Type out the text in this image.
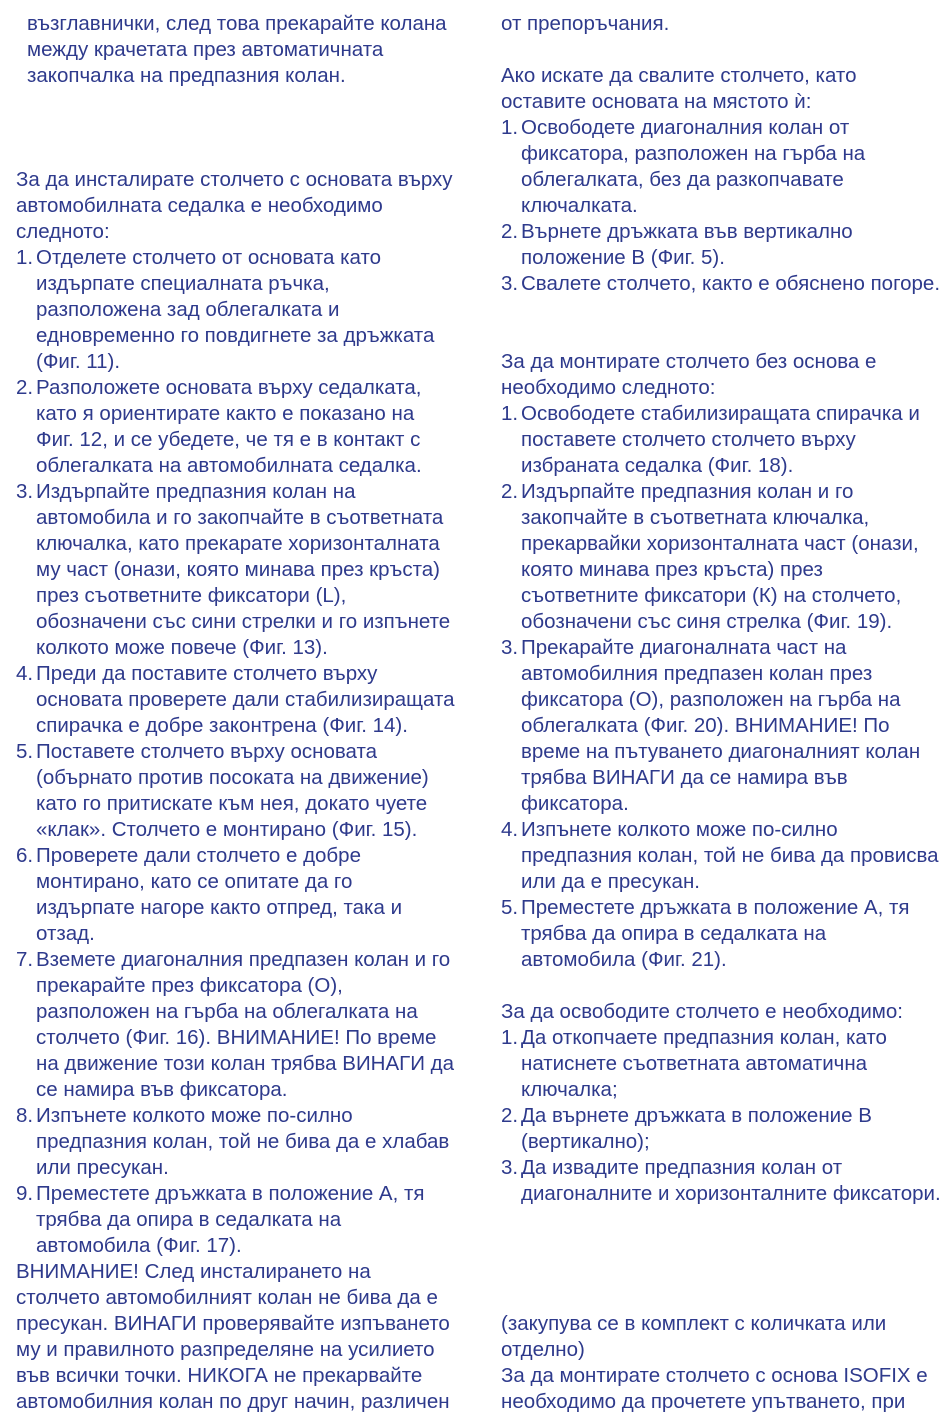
възглавнички, след това прекарайте колана между крачетата през автоматичната закопчалка на предпазния колан.

За да инсталирате столчето с основата върху автомобилната седалка е необходимо следното:

1. Отделете столчето от основата като издърпате специалната ръчка, разположена зад облегалката и едновременно го повдигнете за дръжката (Фиг. 11).
2. Разположете основата върху седалката, като я ориентирате както е показано на Фиг. 12, и се убедете, че тя е в контакт с облегалката на автомобилната седалка.
3. Издърпайте предпазния колан на автомобила и го закопчайте в съответната ключалка, като прекарате хоризонталната му част (онази, която минава през кръста) през съответните фиксатори (L), обозначени със сини стрелки и го изпънете колкото може повече (Фиг. 13).
4. Преди да поставите столчето върху основата проверете дали стабилизиращата спирачка е добре законтрена (Фиг. 14).
5. Поставете столчето върху основата (обърнато против посоката на движение) като го притискате към нея, докато чуете «клак». Столчето е монтирано (Фиг. 15).
6. Проверете дали столчето е добре монтирано, като се опитате да го издърпате нагоре както отпред, така и отзад.
7. Вземете диагоналния предпазен колан и го прекарайте през фиксатора (О), разположен на гърба на облегалката на столчето (Фиг. 16). ВНИМАНИЕ! По време на движение този колан трябва ВИНАГИ да се намира във фиксатора.
8. Изпънете колкото може по-силно предпазния колан, той не бива да е хлабав или пресукан.
9. Преместете дръжката в положение А, тя трябва да опира в седалката на автомобила (Фиг. 17).

ВНИМАНИЕ! След инсталирането на столчето автомобилният колан не бива да е пресукан. ВИНАГИ проверявайте изпъването му и правилното разпределяне на усилието във всички точки. НИКОГА не прекарвайте автомобилния колан по друг начин, различен

от препоръчания.

Ако искате да свалите столчето, като оставите основата на мястото ѝ:

1. Освободете диагоналния колан от фиксатора, разположен на гърба на облегалката, без да разкопчавате ключалката.
2. Върнете дръжката във вертикално положение В (Фиг. 5).
3. Свалете столчето, както е обяснено погоре.

За да монтирате столчето без основа е необходимо следното:

1. Освободете стабилизиращата спирачка и поставете столчето столчето върху избраната седалка (Фиг. 18).
2. Издърпайте предпазния колан и го закопчайте в съответната ключалка, прекарвайки хоризонталната част (онази, която минава през кръста) през съответните фиксатори (К) на столчето, обозначени със синя стрелка (Фиг. 19).
3. Прекарайте диагоналната част на автомобилния предпазен колан през фиксатора (О), разположен на гърба на облегалката (Фиг. 20). ВНИМАНИЕ! По време на пътуването диагоналният колан трябва ВИНАГИ да се намира във фиксатора.
4. Изпънете колкото може по-силно предпазния колан, той не бива да провисва или да е пресукан.
5. Преместете дръжката в положение А, тя трябва да опира в седалката на автомобила (Фиг. 21).

За да освободите столчето е необходимо:

1. Да откопчаете предпазния колан, като натиснете съответната автоматична ключалка;
2. Да върнете дръжката в положение В (вертикално);
3. Да извадите предпазния колан от диагоналните и хоризонталните фиксатори.

(закупува се в комплект с количката или отделно)

За да монтирате столчето с основа ISOFIX е необходимо да прочетете упътването, при
